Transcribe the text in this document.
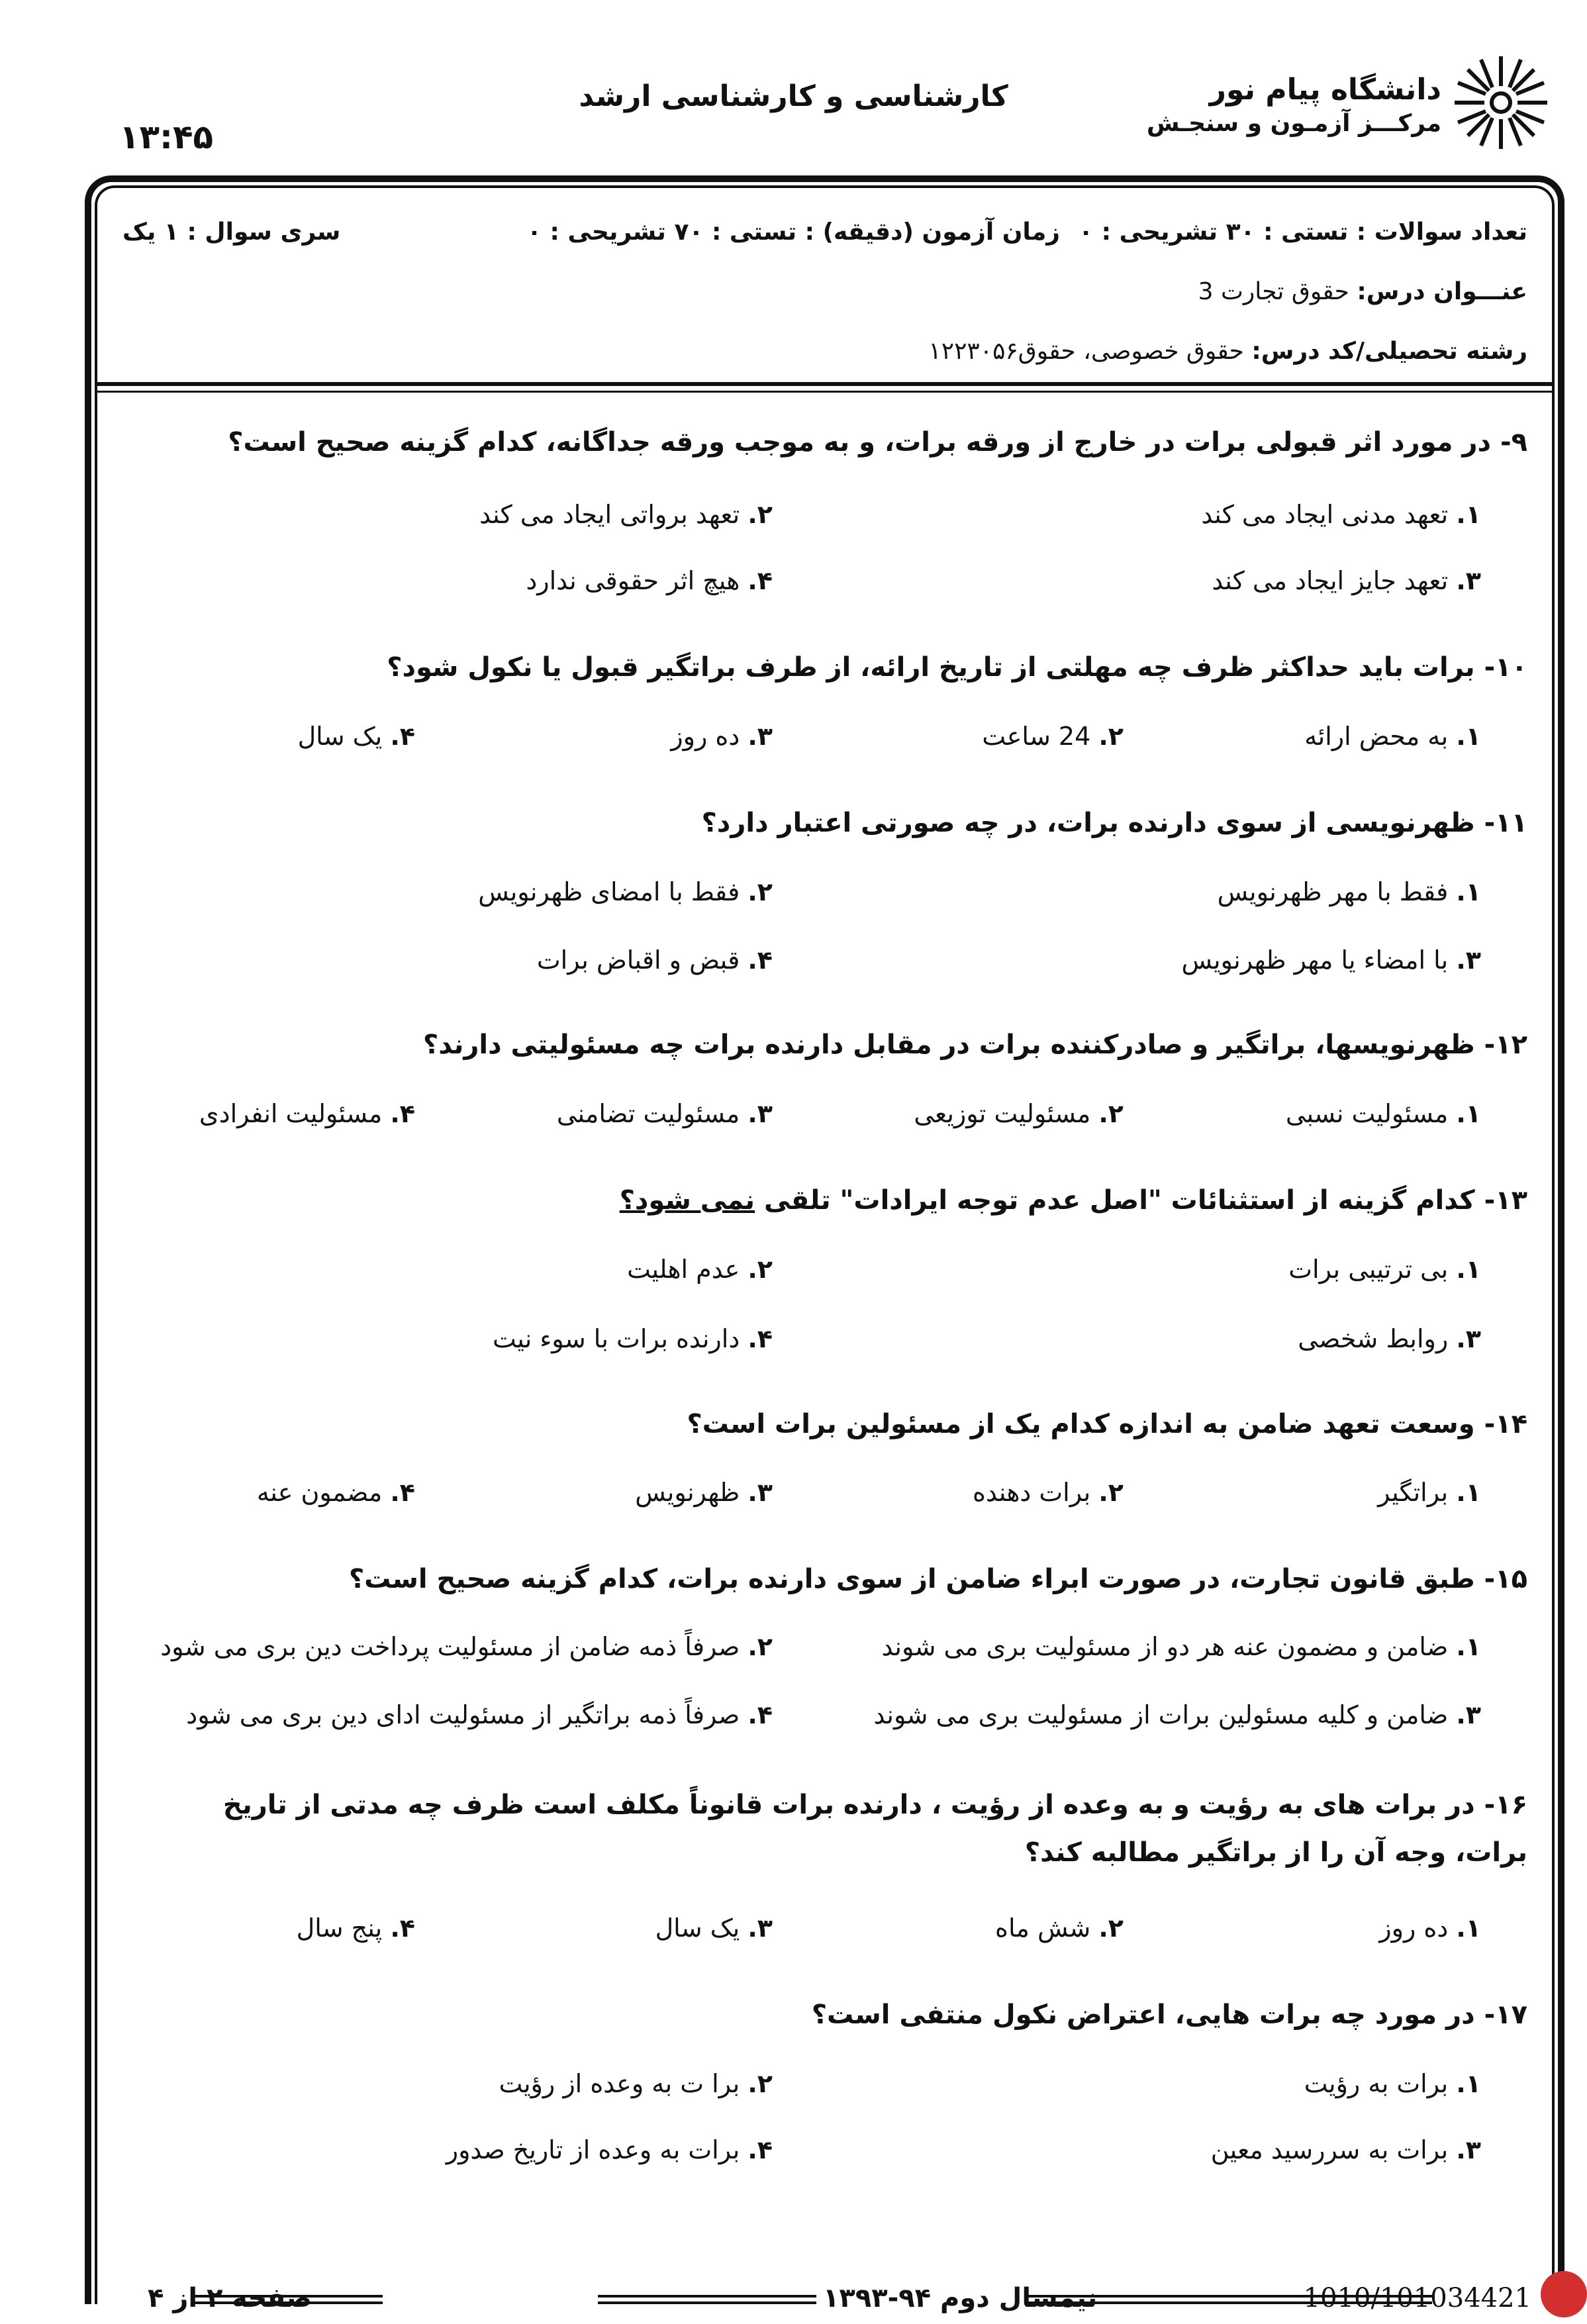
دانشگاه پیام نور
مرکـــز آزمـون و سنجـش
کارشناسی و کارشناسی ارشد
۱۳:۴۵
تعداد سوالات : تستی : ۳۰ تشریحی : ۰
زمان آزمون (دقیقه) : تستی : ۷۰ تشریحی : ۰
سری سوال : ۱ یک
عنـــوان درس: حقوق تجارت 3
رشته تحصیلی/کد درس: حقوق خصوصی، حقوق۱۲۲۳۰۵۶
۹- در مورد اثر قبولی برات در خارج از ورقه برات، و به موجب ورقه جداگانه، کدام گزینه صحیح است؟
۱. تعهد مدنی ایجاد می کند
۲. تعهد برواتی ایجاد می کند
۳. تعهد جایز ایجاد می کند
۴. هیچ اثر حقوقی ندارد
۱۰- برات باید حداکثر ظرف چه مهلتی از تاریخ ارائه، از طرف براتگیر قبول یا نکول شود؟
۱. به محض ارائه
۲. 24 ساعت
۳. ده روز
۴. یک سال
۱۱- ظهرنویسی از سوی دارنده برات، در چه صورتی اعتبار دارد؟
۱. فقط با مهر ظهرنویس
۲. فقط با امضای ظهرنویس
۳. با امضاء یا مهر ظهرنویس
۴. قبض و اقباض برات
۱۲- ظهرنویسها، براتگیر و صادرکننده برات در مقابل دارنده برات چه مسئولیتی دارند؟
۱. مسئولیت نسبی
۲. مسئولیت توزیعی
۳. مسئولیت تضامنی
۴. مسئولیت انفرادی
۱۳- کدام گزینه از استثنائات "اصل عدم توجه ایرادات" تلقی نمی شود؟
۱. بی ترتیبی برات
۲. عدم اهلیت
۳. روابط شخصی
۴. دارنده برات با سوء نیت
۱۴- وسعت تعهد ضامن به اندازه کدام یک از مسئولین برات است؟
۱. براتگیر
۲. برات دهنده
۳. ظهرنویس
۴. مضمون عنه
۱۵- طبق قانون تجارت، در صورت ابراء ضامن از سوی دارنده برات، کدام گزینه صحیح است؟
۱. ضامن و مضمون عنه هر دو از مسئولیت بری می شوند
۲. صرفاً ذمه ضامن از مسئولیت پرداخت دین بری می شود
۳. ضامن و کلیه مسئولین برات از مسئولیت بری می شوند
۴. صرفاً ذمه براتگیر از مسئولیت ادای دین بری می شود
۱۶- در برات های به رؤیت و به وعده از رؤیت ، دارنده برات قانوناً مکلف است ظرف چه مدتی از تاریخ برات، وجه آن را از براتگیر مطالبه کند؟
۱. ده روز
۲. شش ماه
۳. یک سال
۴. پنج سال
۱۷- در مورد چه برات هایی، اعتراض نکول منتفی است؟
۱. برات به رؤیت
۲. برا ت به وعده از رؤیت
۳. برات به سررسید معین
۴. برات به وعده از تاریخ صدور
صفحه ۲ از ۴	نیمسال دوم ۹۴-۱۳۹۳	1010/101034421
